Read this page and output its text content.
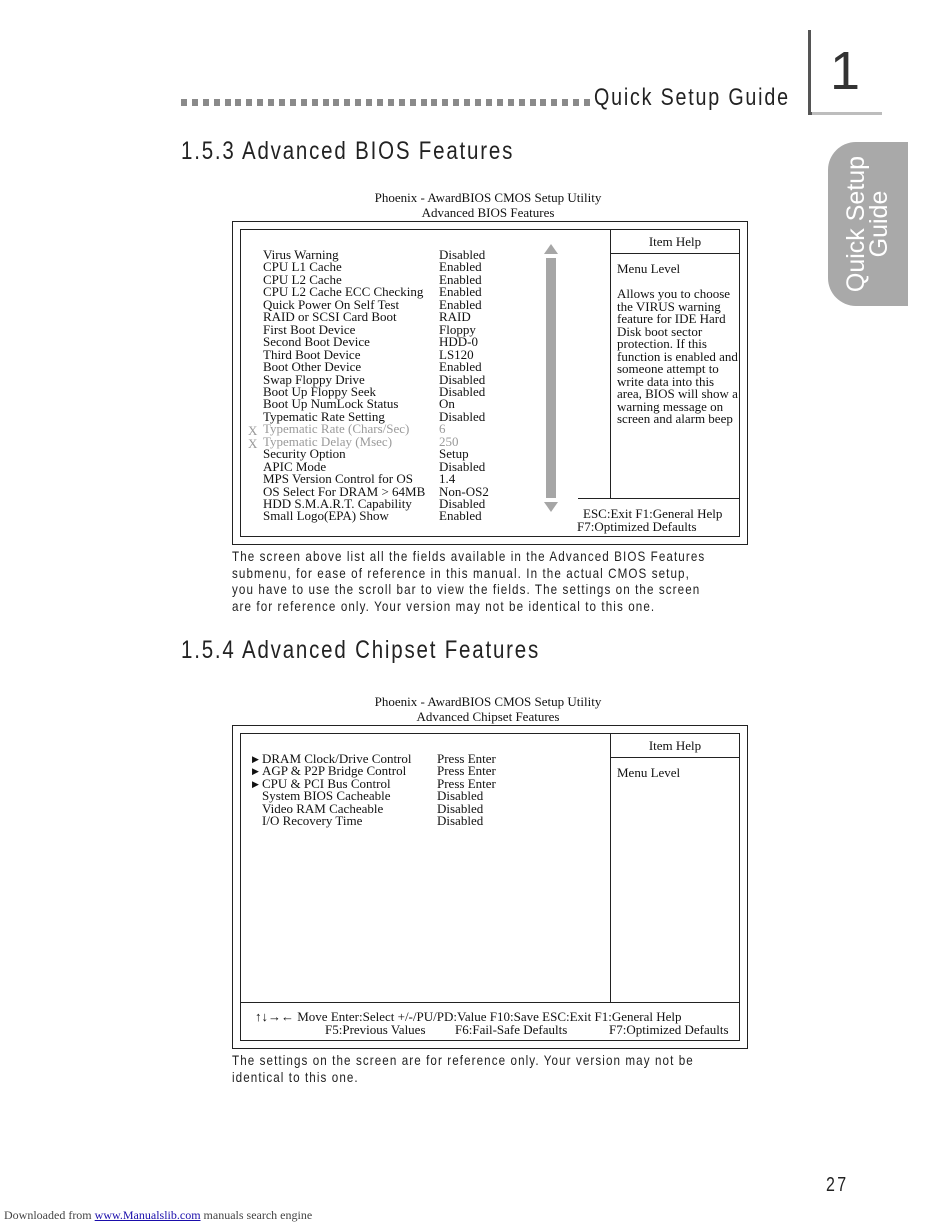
Quick Setup Guide 1
Quick Setup
Guide
1.5.3 Advanced BIOS Features
Phoenix - AwardBIOS CMOS Setup Utility
Advanced BIOS Features
Virus Warning	Disabled
CPU L1 Cache	Enabled
CPU L2 Cache	Enabled
CPU L2 Cache ECC Checking Enabled
Quick Power On Self Test	Enabled
RAID or SCSI Card Boot	RAID
First Boot Device	Floppy
Second Boot Device	HDD-0
Third Boot Device	LS120
Boot Other Device	Enabled
Swap Floppy Drive	Disabled
Boot Up Floppy Seek	Disabled
Boot Up NumLock Status	On
Typematic Rate Setting	Disabled
Typematic Rate (Chars/Sec) 6
X
Typematic Delay (Msec)	250
X
Security Option	Setup
APIC Mode	Disabled
MPS Version Control for OS 1.4
OS Select For DRAM > 64MB Non-OS2
HDD S.M.A.R.T. Capability Disabled
Small Logo(EPA) Show	Enabled
Item Help
Menu Level
Allows you to choose
the VIRUS warning
feature for IDE Hard
Disk boot sector
protection. If this
function is enabled and
someone attempt to
write data into this
area, BIOS will show a
warning message on
screen and alarm beep
ESC:Exit F1:General Help
F7:Optimized Defaults
The screen above list all the fields available in the Advanced BIOS Features
submenu, for ease of reference in this manual. In the actual CMOS setup,
you have to use the scroll bar to view the fields. The settings on the screen
are for reference only. Your version may not be identical to this one.
1.5.4 Advanced Chipset Features
Phoenix - AwardBIOS CMOS Setup Utility
Advanced Chipset Features
▶ DRAM Clock/Drive Control Press Enter
▶ AGP & P2P Bridge Control Press Enter
▶ CPU & PCI Bus Control	Press Enter
System BIOS Cacheable	Disabled
Video RAM Cacheable	Disabled
I/O Recovery Time	Disabled
Item Help
Menu Level
↑↓→← Move Enter:Select +/-/PU/PD:Value F10:Save ESC:Exit F1:General Help
F5:Previous Values F6:Fail-Safe Defaults	F7:Optimized Defaults
The settings on the screen are for reference only. Your version may not be
identical to this one.
27
Downloaded from www.Manualslib.com manuals search engine
